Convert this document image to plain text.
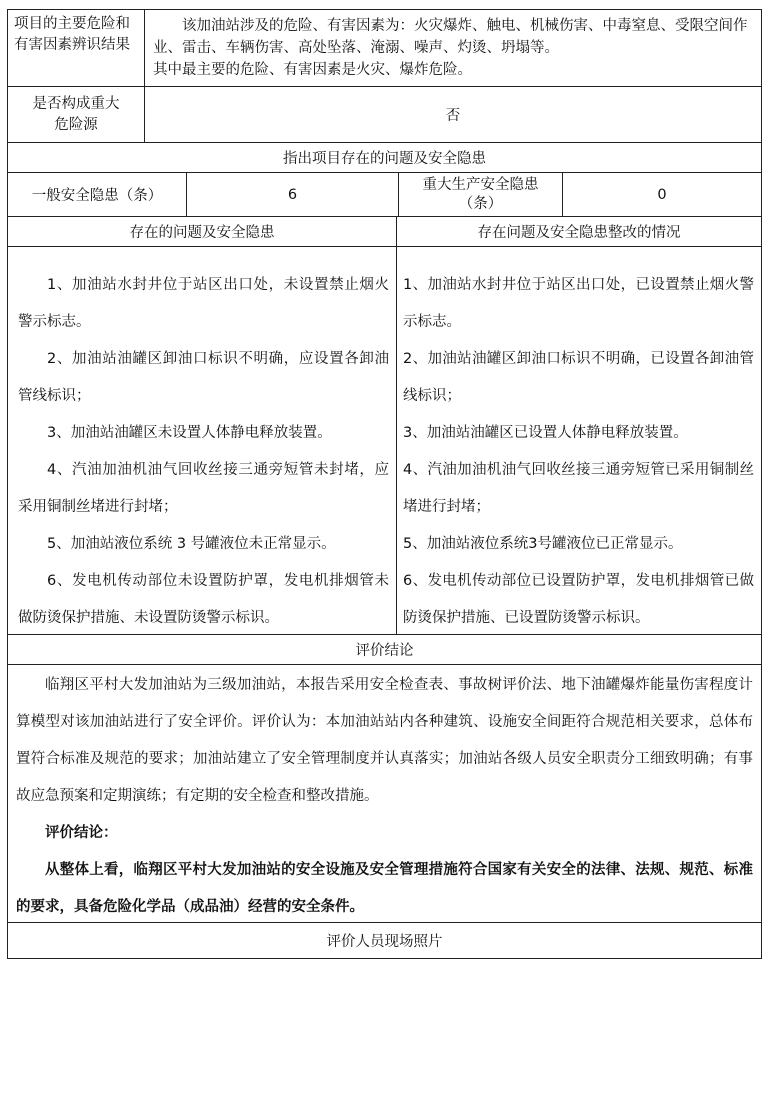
项目的主要危险和有害因素辨识结果

该加油站涉及的危险、有害因素为：火灾爆炸、触电、机械伤害、中毒窒息、受限空间作业、雷击、车辆伤害、高处坠落、淹溺、噪声、灼烫、坍塌等。

其中最主要的危险、有害因素是火灾、爆炸危险。

是否构成重大危险源
否
指出项目存在的问题及安全隐患
一般安全隐患（条）	6
重大生产安全隐患（条）
0
存在的问题及安全隐患	存在问题及安全隐患整改的情况

1、加油站水封井位于站区出口处，未设置禁止烟火警示标志。

2、加油站油罐区卸油口标识不明确，应设置各卸油管线标识；

3、加油站油罐区未设置人体静电释放装置。

4、汽油加油机油气回收丝接三通旁短管未封堵，应采用铜制丝堵进行封堵；

5、加油站液位系统 3 号罐液位未正常显示。

6、发电机传动部位未设置防护罩，发电机排烟管未做防烫保护措施、未设置防烫警示标识。

1、加油站水封井位于站区出口处，已设置禁止烟火警示标志。

2、加油站油罐区卸油口标识不明确，已设置各卸油管线标识；

3、加油站油罐区已设置人体静电释放装置。

4、汽油加油机油气回收丝接三通旁短管已采用铜制丝堵进行封堵；

5、加油站液位系统3号罐液位已正常显示。

6、发电机传动部位已设置防护罩，发电机排烟管已做防烫保护措施、已设置防烫警示标识。

评价结论

临翔区平村大发加油站为三级加油站，本报告采用安全检查表、事故树评价法、地下油罐爆炸能量伤害程度计算模型对该加油站进行了安全评价。评价认为：本加油站站内各种建筑、设施安全间距符合规范相关要求，总体布置符合标准及规范的要求；加油站建立了安全管理制度并认真落实；加油站各级人员安全职责分工细致明确；有事故应急预案和定期演练；有定期的安全检查和整改措施。

评价结论：

从整体上看，临翔区平村大发加油站的安全设施及安全管理措施符合国家有关安全的法律、法规、规范、标准的要求，具备危险化学品（成品油）经营的安全条件。

评价人员现场照片
